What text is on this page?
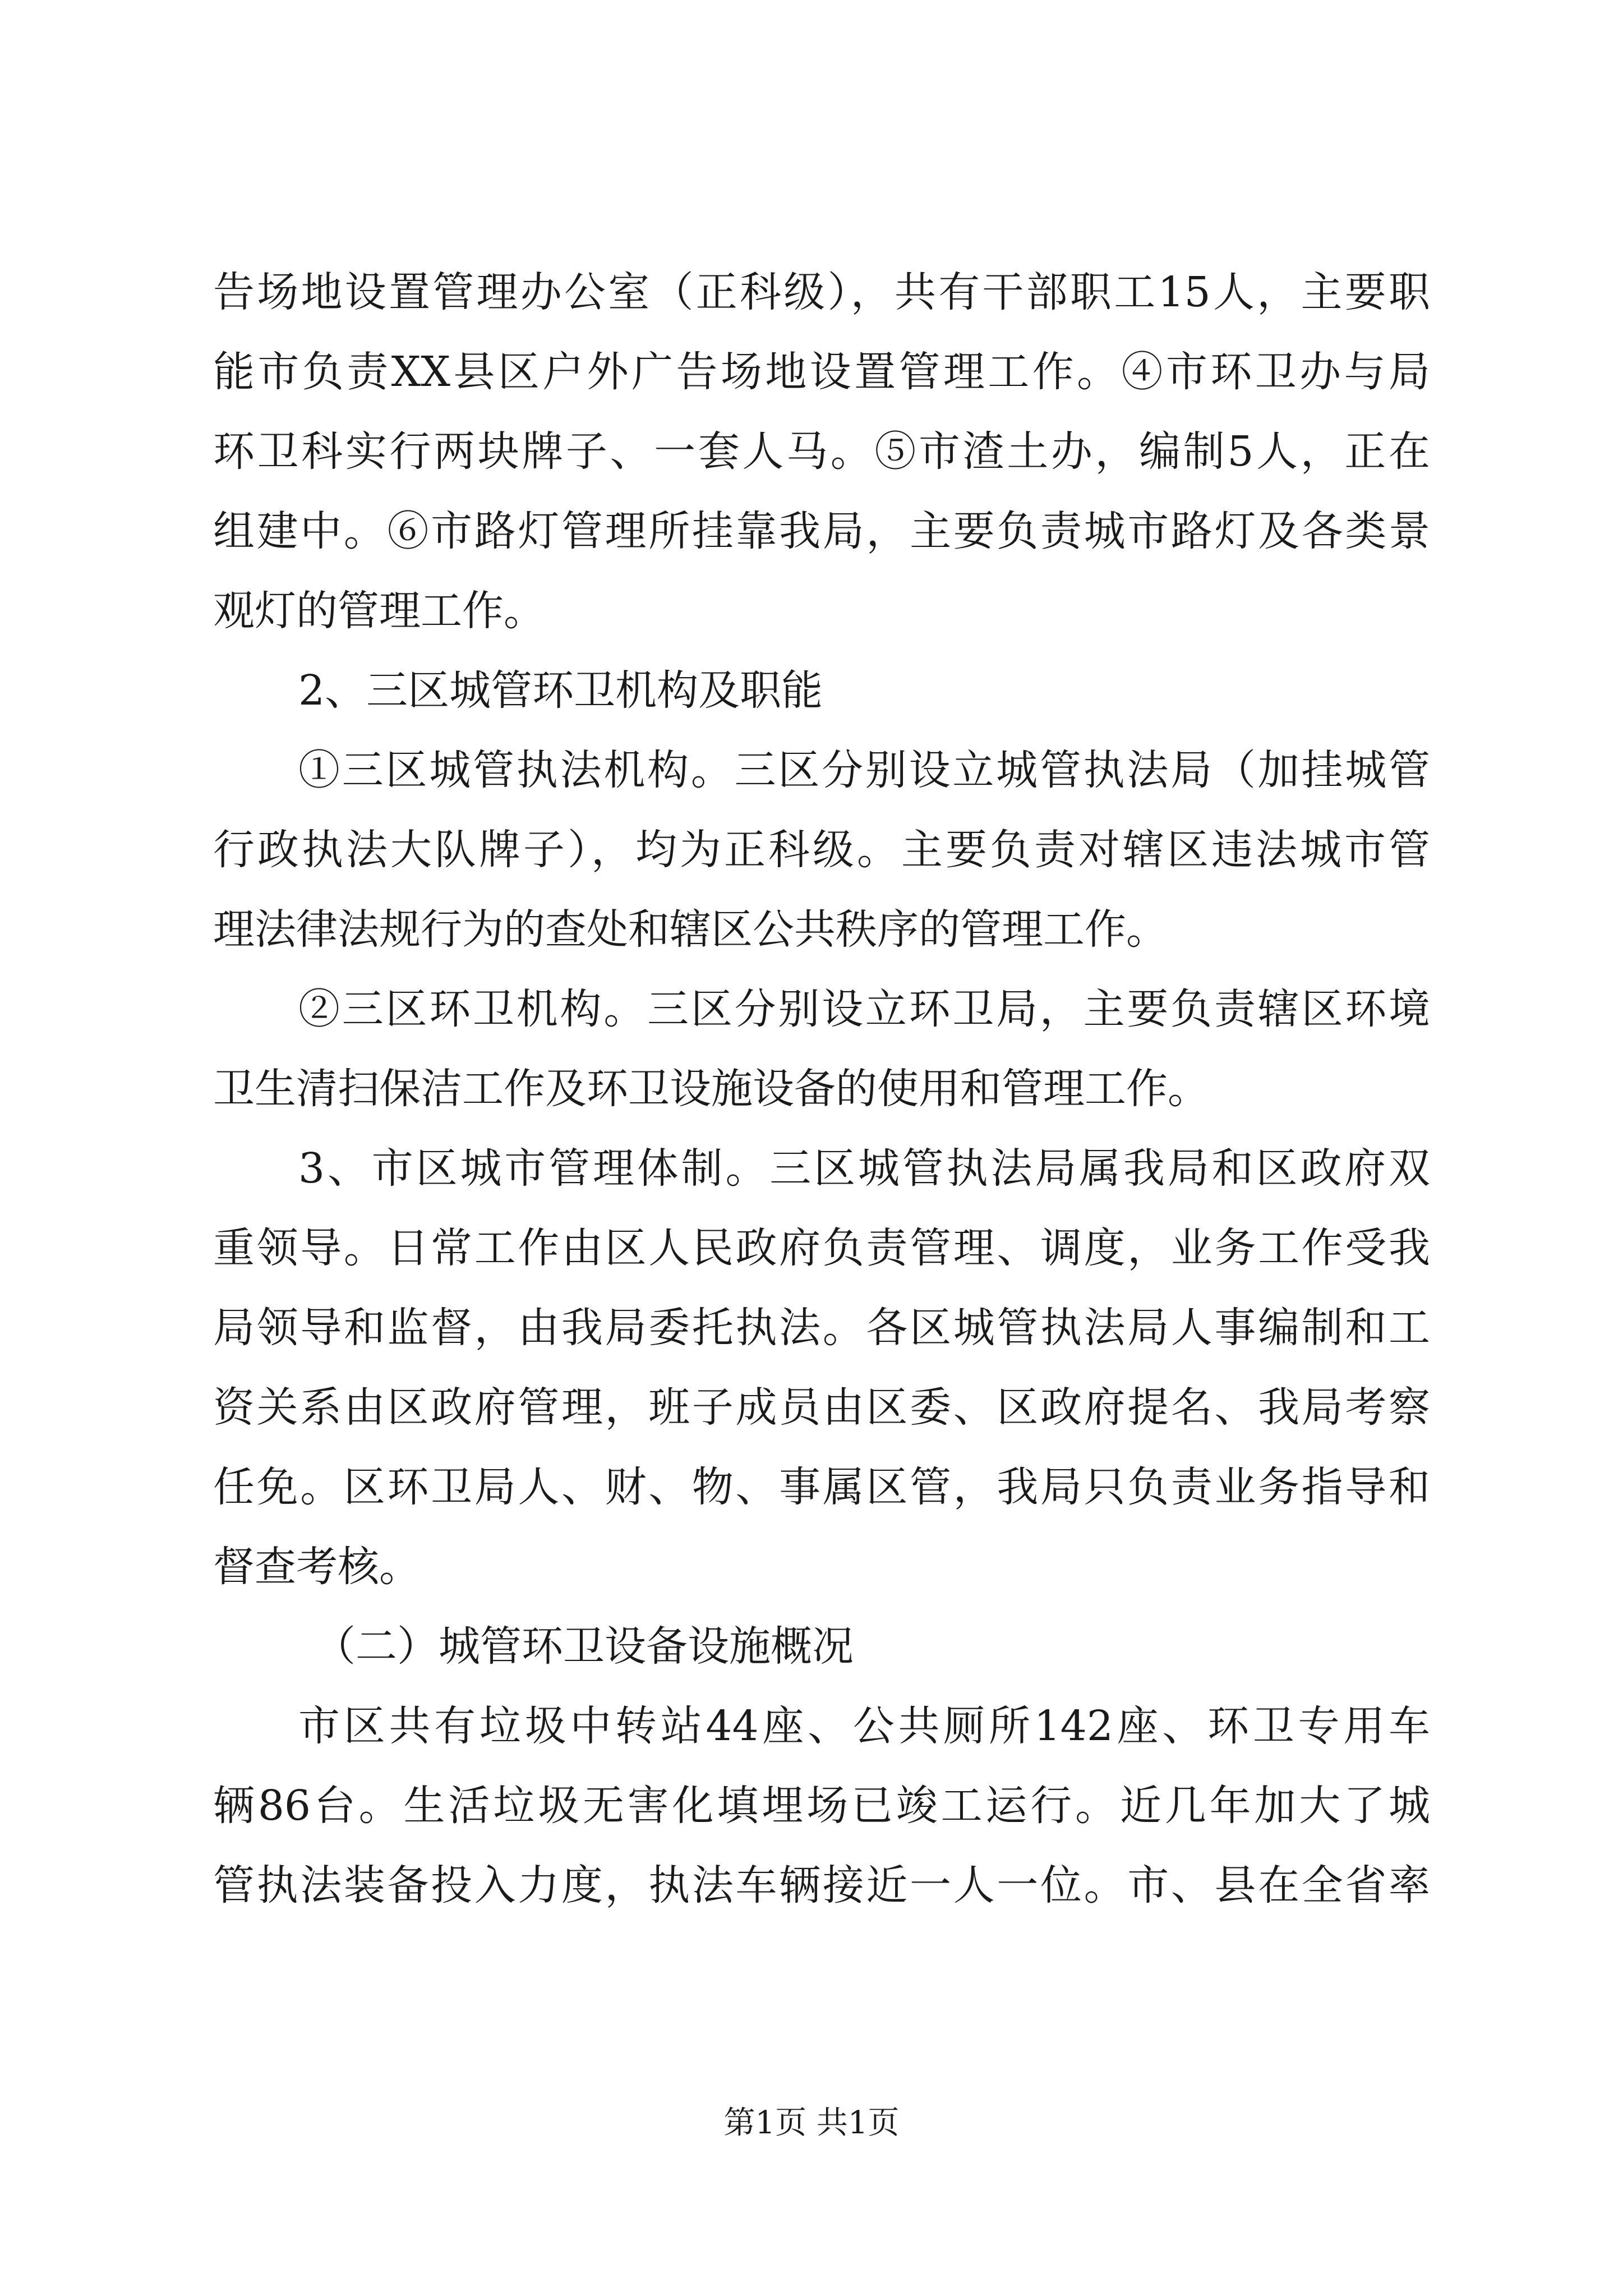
告场地设置管理办公室（正科级），共有干部职工15人，主要职
能市负责XX县区户外广告场地设置管理工作。④市环卫办与局
环卫科实行两块牌子、一套人马。⑤市渣土办，编制5人，正在
组建中。⑥市路灯管理所挂靠我局，主要负责城市路灯及各类景
观灯的管理工作。
2、三区城管环卫机构及职能
①三区城管执法机构。三区分别设立城管执法局（加挂城管
行政执法大队牌子），均为正科级。主要负责对辖区违法城市管
理法律法规行为的查处和辖区公共秩序的管理工作。
②三区环卫机构。三区分别设立环卫局，主要负责辖区环境
卫生清扫保洁工作及环卫设施设备的使用和管理工作。
3、市区城市管理体制。三区城管执法局属我局和区政府双
重领导。日常工作由区人民政府负责管理、调度，业务工作受我
局领导和监督，由我局委托执法。各区城管执法局人事编制和工
资关系由区政府管理，班子成员由区委、区政府提名、我局考察
任免。区环卫局人、财、物、事属区管，我局只负责业务指导和
督查考核。
（二）城管环卫设备设施概况
市区共有垃圾中转站44座、公共厕所142座、环卫专用车
辆86台。生活垃圾无害化填埋场已竣工运行。近几年加大了城
管执法装备投入力度，执法车辆接近一人一位。市、县在全省率
第1页 共1页
